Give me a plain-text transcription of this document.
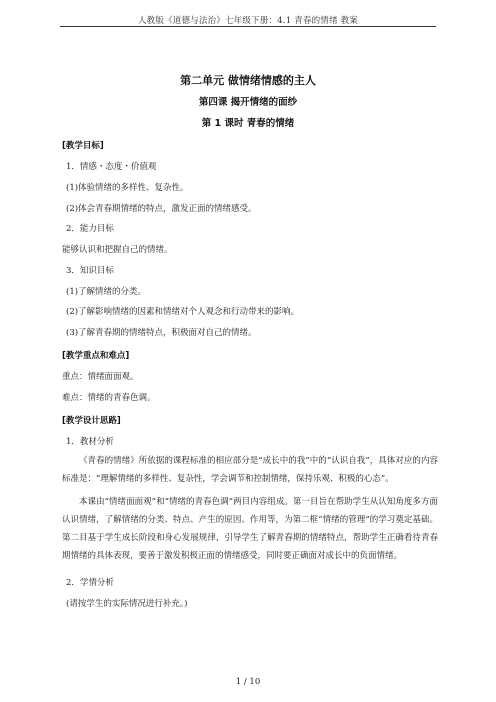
人教版《道德与法治》七年级下册：4.1 青春的情绪 教案
第二单元 做情绪情感的主人
第四课 揭开情绪的面纱
第 1 课时 青春的情绪
[教学目标]
1．情感・态度・价值观
(1)体验情绪的多样性、复杂性。
(2)体会青春期情绪的特点，激发正面的情绪感受。
2．能力目标
能够认识和把握自己的情绪。
3．知识目标
(1)了解情绪的分类。
(2)了解影响情绪的因素和情绪对个人观念和行动带来的影响。
(3)了解青春期的情绪特点，积极面对自己的情绪。
[教学重点和难点]
重点：情绪面面观。
难点：情绪的青春色调。
[教学设计思路]
1．教材分析
《青春的情绪》所依据的课程标准的相应部分是“成长中的我”中的“认识自我”，具体对应的内容标准是：“理解情绪的多样性、复杂性，学会调节和控制情绪，保持乐观、积极的心态”。
本课由“情绪面面观”和“情绪的青春色调”两目内容组成。第一目旨在帮助学生从认知角度多方面认识情绪，了解情绪的分类、特点、产生的原因、作用等，为第二框“情绪的管理”的学习奠定基础。第二目基于学生成长阶段和身心发展规律，引导学生了解青春期的情绪特点，帮助学生正确看待青春期情绪的具体表现，要善于激发积极正面的情绪感受，同时要正确面对成长中的负面情绪。
2．学情分析
(请按学生的实际情况进行补充。)
1 / 10
